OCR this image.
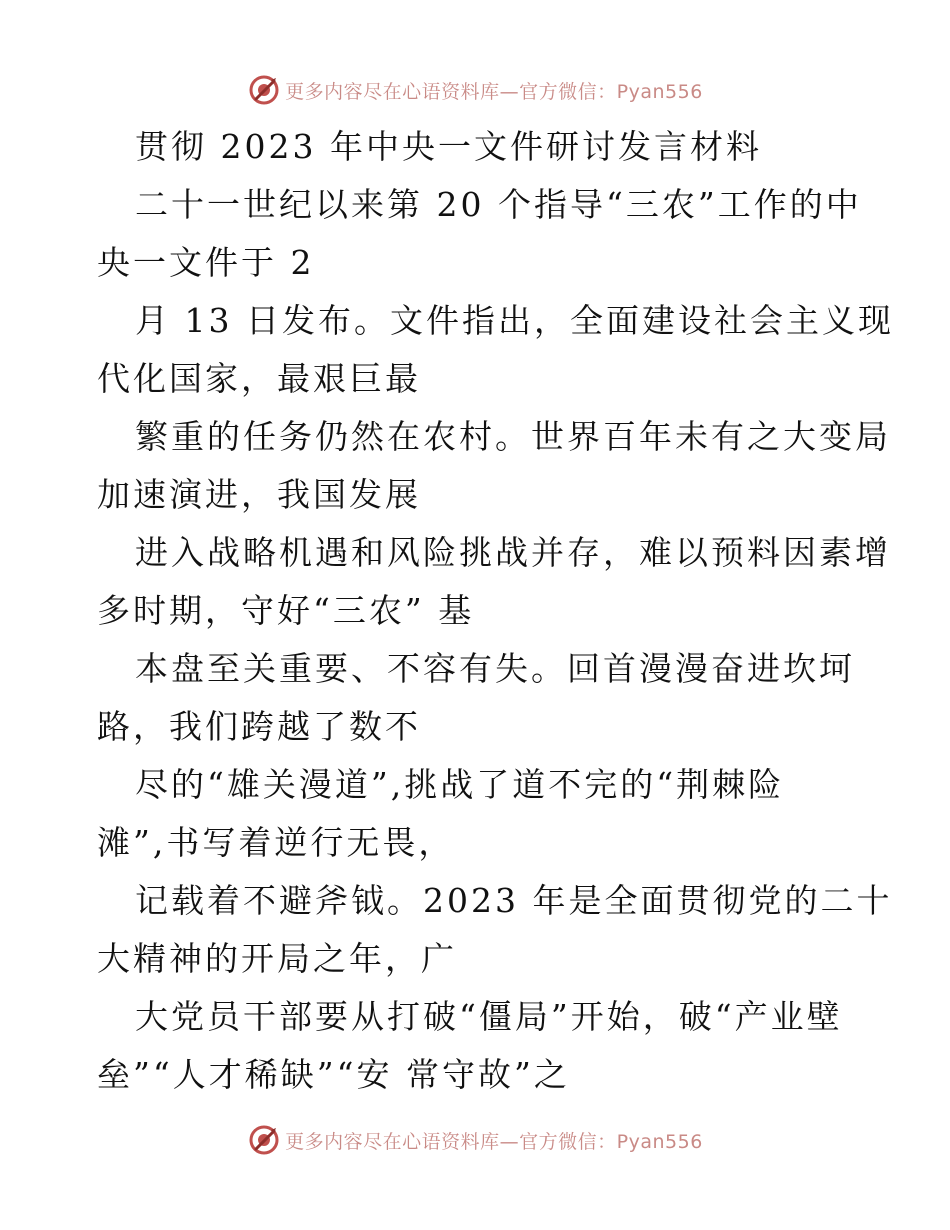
更多内容尽在心语资料库—官方微信：Pyan556
贯彻 2023 年中央一文件研讨发言材料
二十一世纪以来第 20 个指导“三农”工作的中
央一文件于 2
月 13 日发布。文件指出，全面建设社会主义现
代化国家，最艰巨最
繁重的任务仍然在农村。世界百年未有之大变局
加速演进，我国发展
进入战略机遇和风险挑战并存，难以预料因素增
多时期，守好“三农” 基
本盘至关重要、不容有失。回首漫漫奋进坎坷
路，我们跨越了数不
尽的“雄关漫道”,挑战了道不完的“荆棘险
滩”,书写着逆行无畏，
记载着不避斧钺。2023 年是全面贯彻党的二十
大精神的开局之年，广
大党员干部要从打破“僵局”开始，破“产业壁
垒”“人才稀缺”“安 常守故”之
更多内容尽在心语资料库—官方微信：Pyan556
